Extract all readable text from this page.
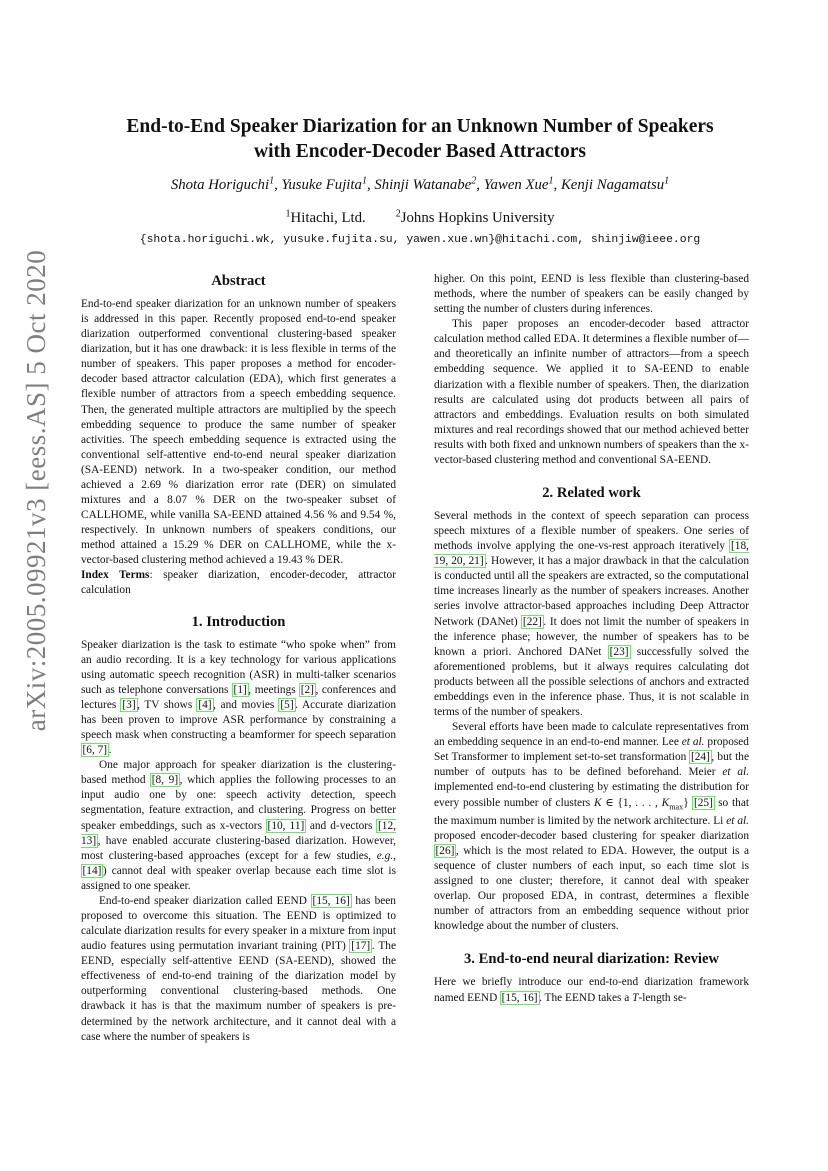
arXiv:2005.09921v3 [eess.AS] 5 Oct 2020
End-to-End Speaker Diarization for an Unknown Number of Speakers
with Encoder-Decoder Based Attractors
Shota Horiguchi$^1$, Yusuke Fujita$^1$, Shinji Watanabe$^2$, Yawen Xue$^1$, Kenji Nagamatsu$^1$
$^1$Hitachi, Ltd.	$^2$Johns Hopkins University
{shota.horiguchi.wk, yusuke.fujita.su, yawen.xue.wn}@hitachi.com, shinjiw@ieee.org
Abstract

End-to-end speaker diarization for an unknown number of speakers is addressed in this paper. Recently proposed end-to-end speaker diarization outperformed conventional clustering-based speaker diarization, but it has one drawback: it is less flexible in terms of the number of speakers. This paper proposes a method for encoder-decoder based attractor calculation (EDA), which first generates a flexible number of attractors from a speech embedding sequence. Then, the generated multiple attractors are multiplied by the speech embedding sequence to produce the same number of speaker activities. The speech embedding sequence is extracted using the conventional self-attentive end-to-end neural speaker diarization (SA-EEND) network. In a two-speaker condition, our method achieved a 2.69 % diarization error rate (DER) on simulated mixtures and a 8.07 % DER on the two-speaker subset of CALLHOME, while vanilla SA-EEND attained 4.56 % and 9.54 %, respectively. In unknown numbers of speakers conditions, our method attained a 15.29 % DER on CALLHOME, while the x-vector-based clustering method achieved a 19.43 % DER.

Index Terms: speaker diarization, encoder-decoder, attractor calculation

1. Introduction

Speaker diarization is the task to estimate “who spoke when” from an audio recording. It is a key technology for various applications using automatic speech recognition (ASR) in multi-talker scenarios such as telephone conversations [1] , meetings [2] , conferences and lectures [3] , TV shows [4] , and movies [5] . Accurate diarization has been proven to improve ASR performance by constraining a speech mask when constructing a beamformer for speech separation [6, 7] .

One major approach for speaker diarization is the clustering-based method [8, 9] , which applies the following processes to an input audio one by one: speech activity detection, speech segmentation, feature extraction, and clustering. Progress on better speaker embeddings, such as x-vectors [10, 11] and d-vectors [12, 13] , have enabled accurate clustering-based diarization. However, most clustering-based approaches (except for a few studies, e.g., [14] ) cannot deal with speaker overlap because each time slot is assigned to one speaker.

End-to-end speaker diarization called EEND [15, 16] has been proposed to overcome this situation. The EEND is optimized to calculate diarization results for every speaker in a mixture from input audio features using permutation invariant training (PIT) [17] . The EEND, especially self-attentive EEND (SA-EEND), showed the effectiveness of end-to-end training of the diarization model by outperforming conventional clustering-based methods. One drawback it has is that the maximum number of speakers is pre-determined by the network architecture, and it cannot deal with a case where the number of speakers is

higher. On this point, EEND is less flexible than clustering-based methods, where the number of speakers can be easily changed by setting the number of clusters during inferences.

This paper proposes an encoder-decoder based attractor calculation method called EDA. It determines a flexible number of—and theoretically an infinite number of attractors—from a speech embedding sequence. We applied it to SA-EEND to enable diarization with a flexible number of speakers. Then, the diarization results are calculated using dot products between all pairs of attractors and embeddings. Evaluation results on both simulated mixtures and real recordings showed that our method achieved better results with both fixed and unknown numbers of speakers than the x-vector-based clustering method and conventional SA-EEND.

2. Related work

Several methods in the context of speech separation can process speech mixtures of a flexible number of speakers. One series of methods involve applying the one-vs-rest approach iteratively [18, 19, 20, 21] . However, it has a major drawback in that the calculation is conducted until all the speakers are extracted, so the computational time increases linearly as the number of speakers increases. Another series involve attractor-based approaches including Deep Attractor Network (DANet) [22] . It does not limit the number of speakers in the inference phase; however, the number of speakers has to be known a priori. Anchored DANet [23] successfully solved the aforementioned problems, but it always requires calculating dot products between all the possible selections of anchors and extracted embeddings even in the inference phase. Thus, it is not scalable in terms of the number of speakers.

Several efforts have been made to calculate representatives from an embedding sequence in an end-to-end manner. Lee et al. proposed Set Transformer to implement set-to-set transformation [24] , but the number of outputs has to be defined beforehand. Meier et al. implemented end-to-end clustering by estimating the distribution for every possible number of clusters K ∈ {1, . . . , $K_{max}$} [25] so that the maximum number is limited by the network architecture. Li et al. proposed encoder-decoder based clustering for speaker diarization [26] , which is the most related to EDA. However, the output is a sequence of cluster numbers of each input, so each time slot is assigned to one cluster; therefore, it cannot deal with speaker overlap. Our proposed EDA, in contrast, determines a flexible number of attractors from an embedding sequence without prior knowledge about the number of clusters.

3. End-to-end neural diarization: Review

Here we briefly introduce our end-to-end diarization framework named EEND [15, 16] . The EEND takes a T-length se-
